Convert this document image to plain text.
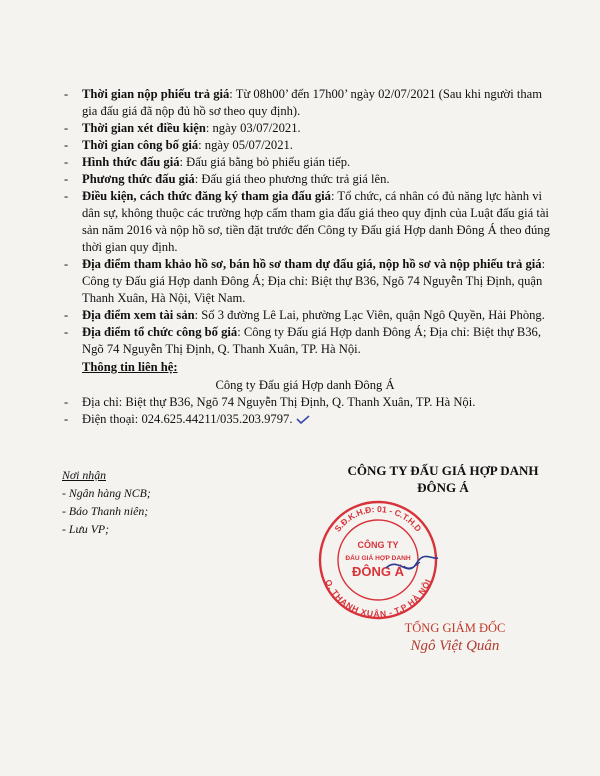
- Thời gian nộp phiếu trả giá: Từ 08h00’ đến 17h00’ ngày 02/07/2021 (Sau khi người tham gia đấu giá đã nộp đủ hồ sơ theo quy định).
- Thời gian xét điều kiện: ngày 03/07/2021.
- Thời gian công bố giá: ngày 05/07/2021.
- Hình thức đấu giá: Đấu giá bằng bỏ phiếu gián tiếp.
- Phương thức đấu giá: Đấu giá theo phương thức trả giá lên.
- Điều kiện, cách thức đăng ký tham gia đấu giá: Tổ chức, cá nhân có đủ năng lực hành vi dân sự, không thuộc các trường hợp cấm tham gia đấu giá theo quy định của Luật đấu giá tài sản năm 2016 và nộp hồ sơ, tiền đặt trước đến Công ty Đấu giá Hợp danh Đông Á theo đúng thời gian quy định.
- Địa điểm tham khảo hồ sơ, bán hồ sơ tham dự đấu giá, nộp hồ sơ và nộp phiếu trả giá: Công ty Đấu giá Hợp danh Đông Á; Địa chỉ: Biệt thự B36, Ngõ 74 Nguyễn Thị Định, quận Thanh Xuân, Hà Nội, Việt Nam.
- Địa điểm xem tài sản: Số 3 đường Lê Lai, phường Lạc Viên, quận Ngô Quyền, Hải Phòng.
- Địa điểm tổ chức công bố giá: Công ty Đấu giá Hợp danh Đông Á; Địa chỉ: Biệt thự B36, Ngõ 74 Nguyễn Thị Định, Q. Thanh Xuân, TP. Hà Nội.
Thông tin liên hệ:
Công ty Đấu giá Hợp danh Đông Á
- Địa chỉ: Biệt thự B36, Ngõ 74 Nguyễn Thị Định, Q. Thanh Xuân, TP. Hà Nội.
- Điện thoại: 024.625.44211/035.203.9797.
Nơi nhận
- Ngân hàng NCB;
- Báo Thanh niên;
- Lưu VP;
CÔNG TY ĐẤU GIÁ HỢP DANH
ĐÔNG Á
S.Đ.K.H.Đ: 01 - C.T.H.D
Q. THANH XUÂN - T.P HÀ NỘI
CÔNG TY
ĐẤU GIÁ HỢP DANH
ĐÔNG Á
TỔNG GIÁM ĐỐC
Ngô Việt Quân
